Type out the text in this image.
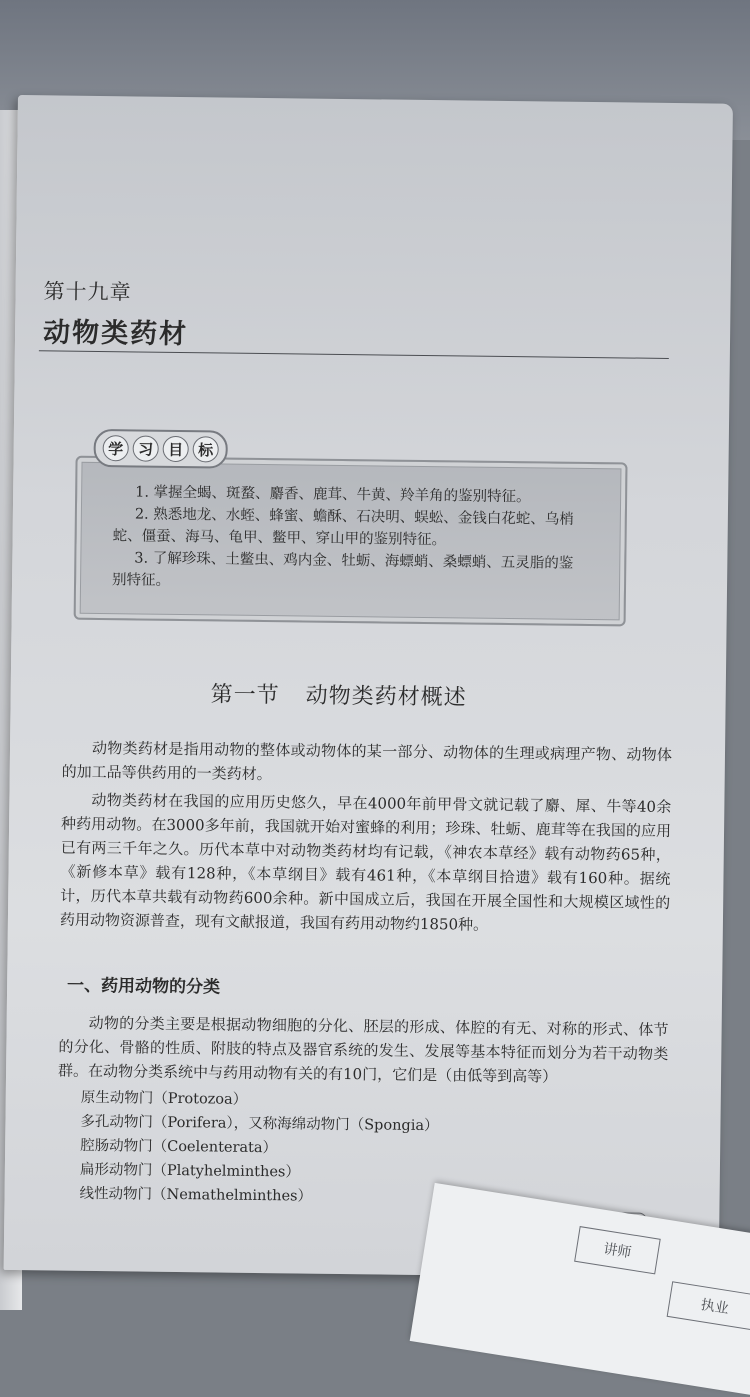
第十九章
动物类药材
学 习 目 标
1. 掌握全蝎、斑蝥、麝香、鹿茸、牛黄、羚羊角的鉴别特征。
2. 熟悉地龙、水蛭、蜂蜜、蟾酥、石决明、蜈蚣、金钱白花蛇、乌梢
蛇、僵蚕、海马、龟甲、鳖甲、穿山甲的鉴别特征。
3. 了解珍珠、土鳖虫、鸡内金、牡蛎、海螵蛸、桑螵蛸、五灵脂的鉴
别特征。
第一节 动物类药材概述
动物类药材是指用动物的整体或动物体的某一部分、动物体的生理或病理产物、动物体的加工品等供药用的一类药材。
动物类药材在我国的应用历史悠久，早在4000年前甲骨文就记载了麝、犀、牛等40余种药用动物。在3000多年前，我国就开始对蜜蜂的利用；珍珠、牡蛎、鹿茸等在我国的应用已有两三千年之久。历代本草中对动物类药材均有记载，《神农本草经》载有动物药65种，《新修本草》载有128种，《本草纲目》载有461种，《本草纲目拾遗》载有160种。据统计，历代本草共载有动物药600余种。新中国成立后，我国在开展全国性和大规模区域性的药用动物资源普查，现有文献报道，我国有药用动物约1850种。
一、药用动物的分类
动物的分类主要是根据动物细胞的分化、胚层的形成、体腔的有无、对称的形式、体节的分化、骨骼的性质、附肢的特点及器官系统的发生、发展等基本特征而划分为若干动物类群。在动物分类系统中与药用动物有关的有10门，它们是（由低等到高等）
原生动物门（Protozoa）
多孔动物门（Porifera），又称海绵动物门（Spongia）
腔肠动物门（Coelenterata）
扁形动物门（Platyhelminthes）
线性动物门（Nemathelminthes）
讲师
执业
